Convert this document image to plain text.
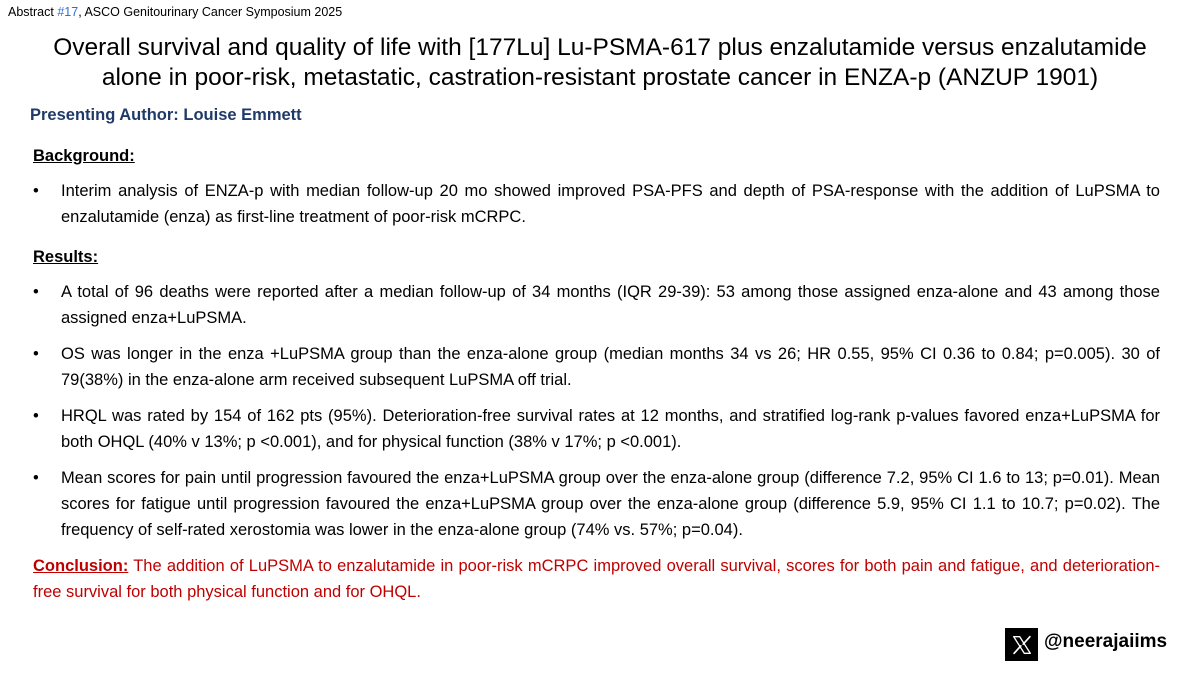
Abstract #17, ASCO Genitourinary Cancer Symposium 2025
Overall survival and quality of life with [177Lu] Lu-PSMA-617 plus enzalutamide versus enzalutamide
alone in poor-risk, metastatic, castration-resistant prostate cancer in ENZA-p (ANZUP 1901)
Presenting Author: Louise Emmett
Background:
• Interim analysis of ENZA-p with median follow-up 20 mo showed improved PSA-PFS and depth of PSA-response with the addition of LuPSMA to enzalutamide (enza) as first-line treatment of poor-risk mCRPC.
Results:
• A total of 96 deaths were reported after a median follow-up of 34 months (IQR 29-39): 53 among those assigned enza-alone and 43 among those assigned enza+LuPSMA.
• OS was longer in the enza +LuPSMA group than the enza-alone group (median months 34 vs 26; HR 0.55, 95% CI 0.36 to 0.84; p=0.005). 30 of 79(38%) in the enza-alone arm received subsequent LuPSMA off trial.
• HRQL was rated by 154 of 162 pts (95%). Deterioration-free survival rates at 12 months, and stratified log-rank p-values favored enza+LuPSMA for both OHQL (40% v 13%; p <0.001), and for physical function (38% v 17%; p <0.001).
• Mean scores for pain until progression favoured the enza+LuPSMA group over the enza-alone group (difference 7.2, 95% CI 1.6 to 13; p=0.01). Mean scores for fatigue until progression favoured the enza+LuPSMA group over the enza-alone group (difference 5.9, 95% CI 1.1 to 10.7; p=0.02). The frequency of self-rated xerostomia was lower in the enza-alone group (74% vs. 57%; p=0.04).
Conclusion: The addition of LuPSMA to enzalutamide in poor-risk mCRPC improved overall survival, scores for both pain and fatigue, and deterioration-free survival for both physical function and for OHQL.
@neerajaiims
